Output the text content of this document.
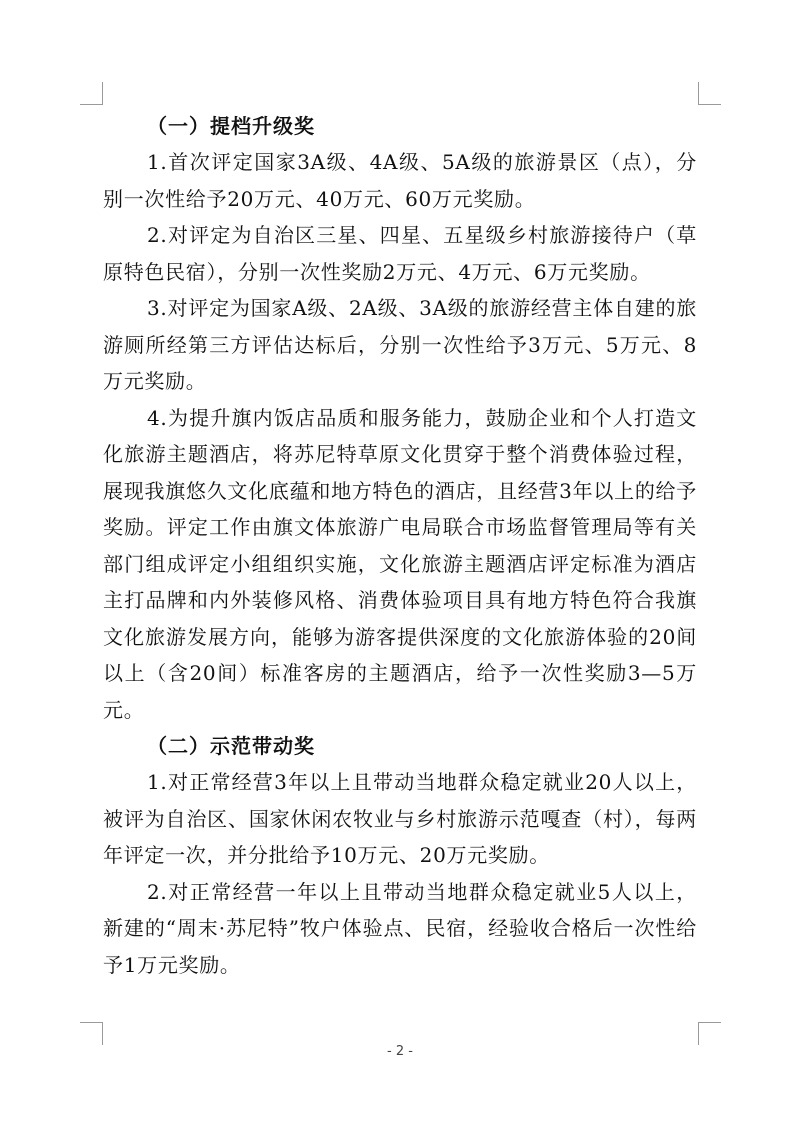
（一）提档升级奖

1.首次评定国家3A级、4A级、5A级的旅游景区（点），分别一次性给予20万元、40万元、60万元奖励。

2.对评定为自治区三星、四星、五星级乡村旅游接待户（草原特色民宿），分别一次性奖励2万元、4万元、6万元奖励。

3.对评定为国家A级、2A级、3A级的旅游经营主体自建的旅游厕所经第三方评估达标后，分别一次性给予3万元、5万元、8万元奖励。

4.为提升旗内饭店品质和服务能力，鼓励企业和个人打造文化旅游主题酒店，将苏尼特草原文化贯穿于整个消费体验过程，展现我旗悠久文化底蕴和地方特色的酒店，且经营3年以上的给予奖励。评定工作由旗文体旅游广电局联合市场监督管理局等有关部门组成评定小组组织实施，文化旅游主题酒店评定标准为酒店主打品牌和内外装修风格、消费体验项目具有地方特色符合我旗文化旅游发展方向，能够为游客提供深度的文化旅游体验的20间以上（含20间）标准客房的主题酒店，给予一次性奖励3—5万元。

（二）示范带动奖

1.对正常经营3年以上且带动当地群众稳定就业20人以上，被评为自治区、国家休闲农牧业与乡村旅游示范嘎查（村），每两年评定一次，并分批给予10万元、20万元奖励。

2.对正常经营一年以上且带动当地群众稳定就业5人以上，新建的“周末·苏尼特”牧户体验点、民宿，经验收合格后一次性给予1万元奖励。

- 2 -
